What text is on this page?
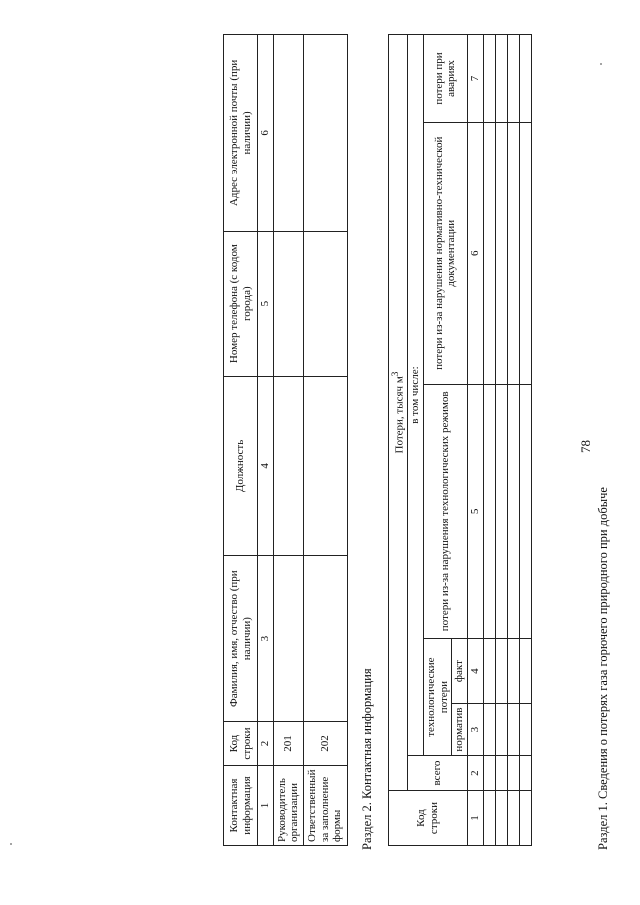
78
Раздел 1. Сведения о потерях газа горючего природного при добыче
Код строки	Потери, тысяч $м^3$
	всего	в том числе:				
		технологические потери		потери из-за нарушения технологических режимов	потери из-за нарушения нормативно-технической документации	потери при авариях
		норматив	факт			
1	2	3	4	5	6	7

Раздел 2. Контактная информация
Контактная информация	Код строки	Фамилия, имя, отчество (при наличии)	Должность	Номер телефона (с кодом города)	Адрес электронной почты (при наличии)
1	2	3	4	5	6
Руководитель организации	201				
Ответственный за заполнение формы	202				
